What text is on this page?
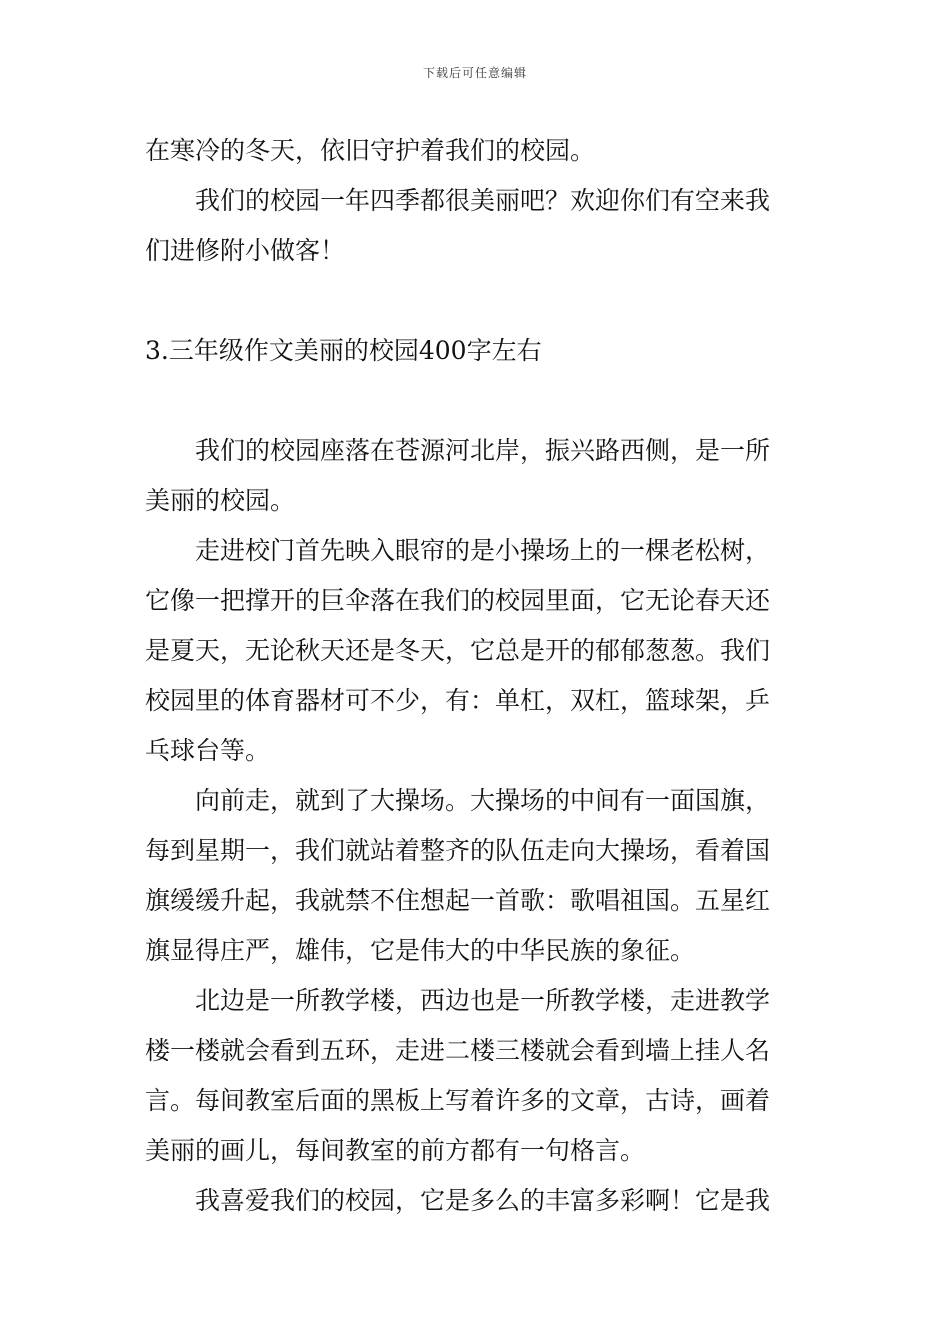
下载后可任意编辑
在寒冷的冬天，依旧守护着我们的校园。
我们的校园一年四季都很美丽吧？欢迎你们有空来我
们进修附小做客！
3.三年级作文美丽的校园400字左右
我们的校园座落在苍源河北岸，振兴路西侧，是一所
美丽的校园。
走进校门首先映入眼帘的是小操场上的一棵老松树，
它像一把撑开的巨伞落在我们的校园里面，它无论春天还
是夏天，无论秋天还是冬天，它总是开的郁郁葱葱。我们
校园里的体育器材可不少，有：单杠，双杠，篮球架，乒
乓球台等。
向前走，就到了大操场。大操场的中间有一面国旗，
每到星期一，我们就站着整齐的队伍走向大操场，看着国
旗缓缓升起，我就禁不住想起一首歌：歌唱祖国。五星红
旗显得庄严，雄伟，它是伟大的中华民族的象征。
北边是一所教学楼，西边也是一所教学楼，走进教学
楼一楼就会看到五环，走进二楼三楼就会看到墙上挂人名
言。每间教室后面的黑板上写着许多的文章，古诗，画着
美丽的画儿，每间教室的前方都有一句格言。
我喜爱我们的校园，它是多么的丰富多彩啊！它是我
